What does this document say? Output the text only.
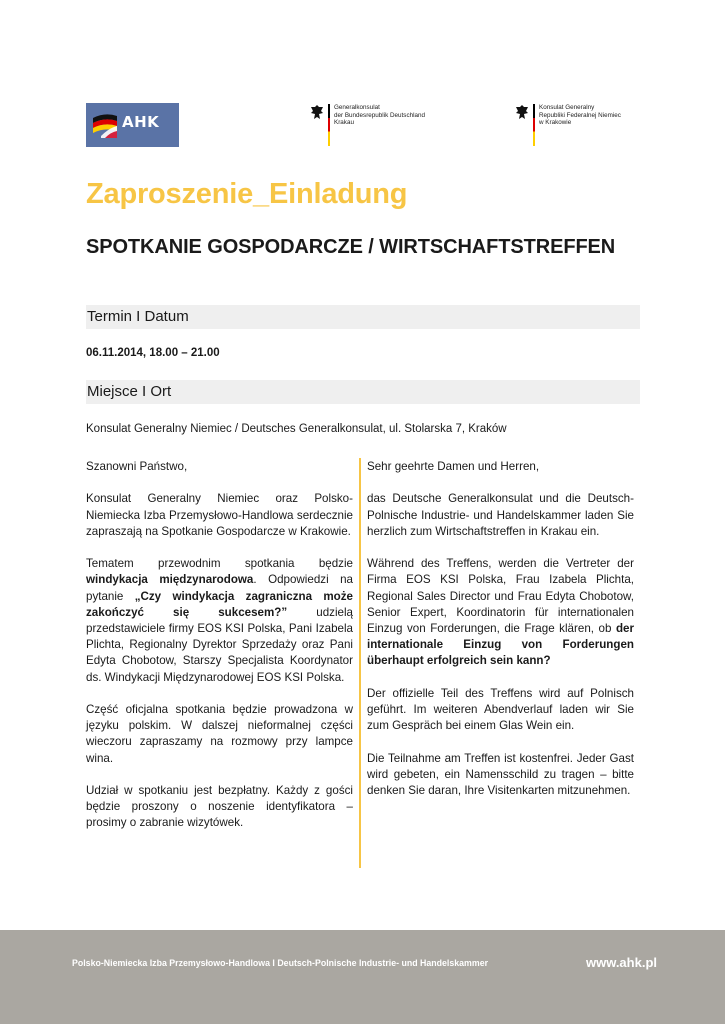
AHK
Generalkonsulat
der Bundesrepublik Deutschland
Krakau
Konsulat Generalny
Republiki Federalnej Niemiec
w Krakowie
Zaproszenie_Einladung
SPOTKANIE GOSPODARCZE / WIRTSCHAFTSTREFFEN
Termin I Datum
06.11.2014, 18.00 – 21.00
Miejsce I Ort
Konsulat Generalny Niemiec / Deutsches Generalkonsulat, ul. Stolarska 7, Kraków

Szanowni Państwo,

Konsulat Generalny Niemiec oraz Polsko-Niemiecka Izba Przemysłowo-Handlowa serdecznie zapraszają na Spotkanie Gospodarcze w Krakowie.

Tematem przewodnim spotkania będzie windykacja międzynarodowa. Odpowiedzi na pytanie „Czy windykacja zagraniczna może zakończyć się sukcesem?” udzielą przedstawiciele firmy EOS KSI Polska, Pani Izabela Plichta, Regionalny Dyrektor Sprzedaży oraz Pani Edyta Chobotow, Starszy Specjalista Koordynator ds. Windykacji Międzynarodowej EOS KSI Polska.

Część oficjalna spotkania będzie prowadzona w języku polskim. W dalszej nieformalnej części wieczoru zapraszamy na rozmowy przy lampce wina.

Udział w spotkaniu jest bezpłatny. Każdy z gości będzie proszony o noszenie identyfikatora – prosimy o zabranie wizytówek.

Sehr geehrte Damen und Herren,

das Deutsche Generalkonsulat und die Deutsch-Polnische Industrie- und Handelskammer laden Sie herzlich zum Wirtschaftstreffen in Krakau ein.

Während des Treffens, werden die Vertreter der Firma EOS KSI Polska, Frau Izabela Plichta, Regional Sales Director und Frau Edyta Chobotow, Senior Expert, Koordinatorin für internationalen Einzug von Forderungen, die Frage klären, ob der internationale Einzug von Forderungen überhaupt erfolgreich sein kann?

Der offizielle Teil des Treffens wird auf Polnisch geführt. Im weiteren Abendverlauf laden wir Sie zum Gespräch bei einem Glas Wein ein.

Die Teilnahme am Treffen ist kostenfrei. Jeder Gast wird gebeten, ein Namensschild zu tragen – bitte denken Sie daran, Ihre Visitenkarten mitzunehmen.

Polsko-Niemiecka Izba Przemysłowo-Handlowa I Deutsch-Polnische Industrie- und Handelskammer	www.ahk.pl
